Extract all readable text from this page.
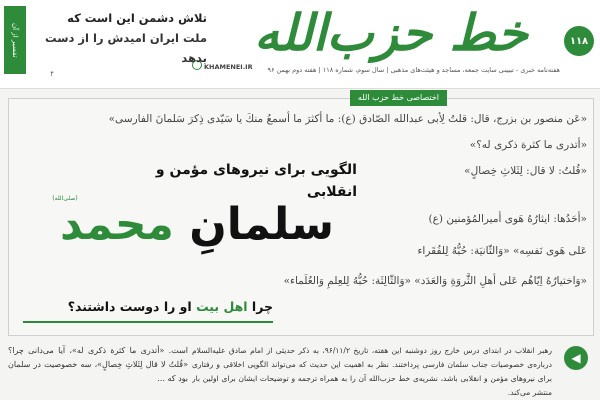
۱۱۸
خط حزب‌الله
هفته‌نامه خبری - تبیینی سایت جمعه، مساجد و هیئت‌های مذهبی | سال سوم، شماره ۱۱۸ | هفته دوم بهمن ۹۶
KHAMENEI.IR
تلاش دشمن این است که
ملت ایران امیدش را از دست بدهد
۴
تفسیر از آن
اختصاصی خط حزب الله
«عَن منصور بن بزرج، قال: قلتُ لِأبی عبدالله الصّادق (ع): ما أكثرَ ما أسمعُ منكَ یا سَیّدی ذِكرَ سَلمانَ الفارسی»
«أتدری ما كثرة ذكری له؟»
«قُلتُ: لا قال: لِثَلاثِ خِصالٍ»
«أحَدُها: ایثارُهُ هَوی أمیرالمُؤمنین (ع)
عَلی هَوی نَفسِه» «وَالثّانیَة: حُبُّهُ لِلفُقَراء
«وَاختیارُهُ اِیّاهُم عَلی أهلِ الثَّروَةِ وَالعَدَد» «وَالثّالِثَة: حُبُّهُ لِلعِلمِ وَالعُلَماء»
الگویی برای نیروهای مؤمن و انقلابی
سلمانِ محمد
(صلی‌الله)
چرا اهل بیت او را دوست داشتند؟
◀
رهبر انقلاب در ابتدای درس خارج روز دوشنبه این هفته، تاریخ ۹۶/۱۱/۲، به ذکر حدیثی از امام صادق علیه‌السلام درباره‌ی خصوصیات جناب سلمان فارسی پرداختند. نظر به اهمیت این حدیث که می‌تواند الگویی اخلاقی و رفتاری برای نیروهای مؤمن و انقلابی باشد، نشریه‌ی خط حزب‌الله آن را به همراه ترجمه و توضیحات ایشان برای اولین بار منتشر می‌کند.
است. «أتدری ما كثرة ذكری له»، آیا می‌دانی چرا؟ «قُلتُ لا قال لِثَلاثِ خِصالٍ»، سه خصوصیت در سلمان بود که ...
